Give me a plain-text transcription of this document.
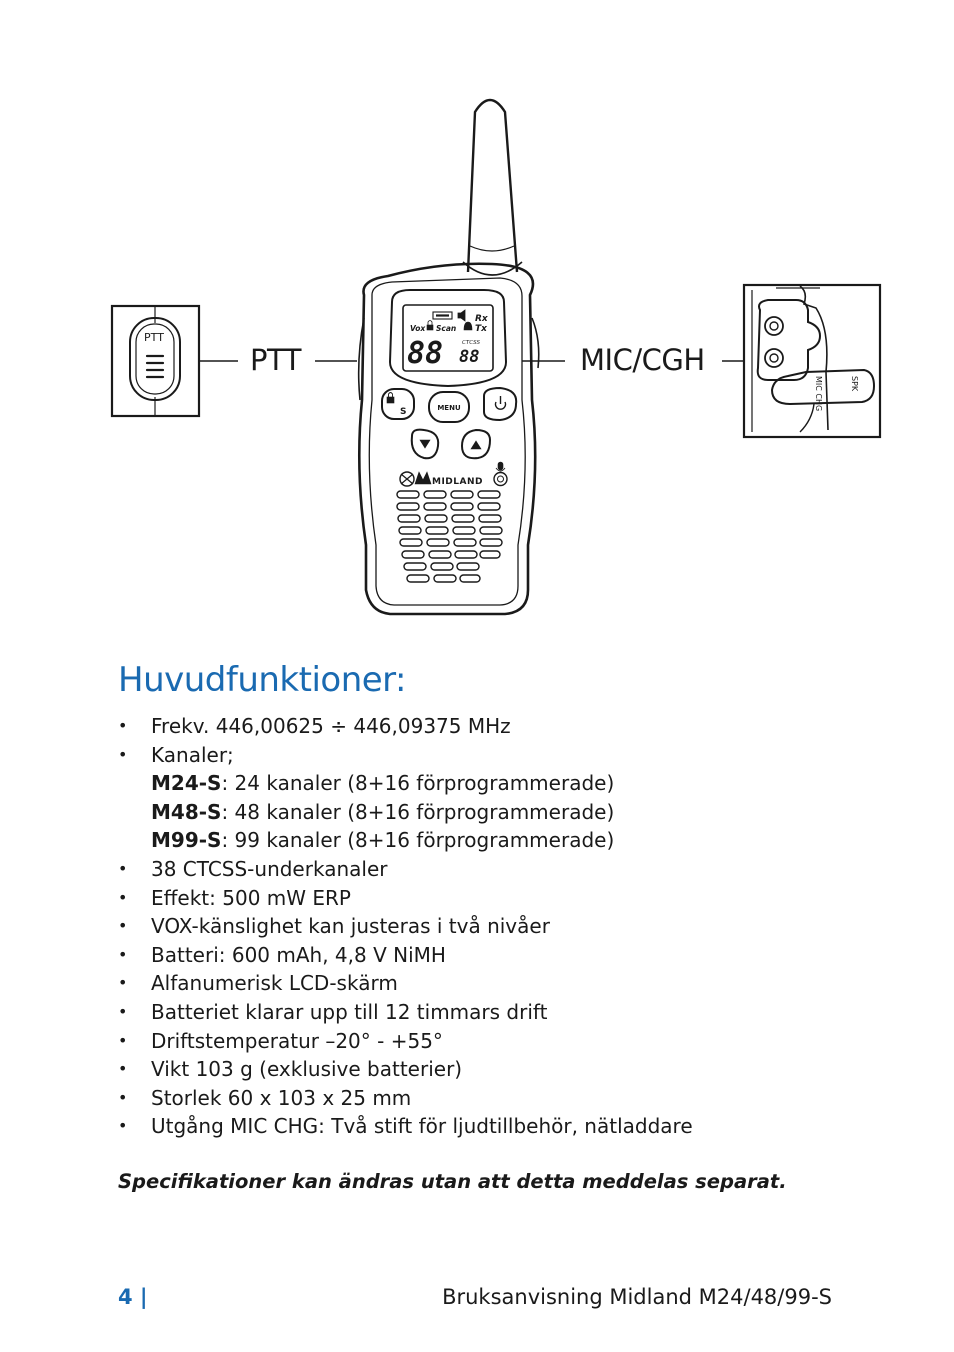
PTT
Rx
Vox Scan Tx
88	CTCSS
88
S	MENU
MIDLAND
MIC CHG	SPK
PTT	MIC/CGH
Huvudfunktioner:
• Frekv. 446,00625 ÷ 446,09375 MHz
• Kanaler;
M24-S: 24 kanaler (8+16 förprogrammerade)
M48-S: 48 kanaler (8+16 förprogrammerade)
M99-S: 99 kanaler (8+16 förprogrammerade)
• 38 CTCSS-underkanaler
• Effekt: 500 mW ERP
• VOX-känslighet kan justeras i två nivåer
• Batteri: 600 mAh, 4,8 V NiMH
• Alfanumerisk LCD-skärm
• Batteriet klarar upp till 12 timmars drift
• Driftstemperatur –20° - +55°
• Vikt 103 g (exklusive batterier)
• Storlek 60 x 103 x 25 mm
• Utgång MIC CHG: Två stift för ljudtillbehör, nätladdare

Specifikationer kan ändras utan att detta meddelas separat.

4 |	Bruksanvisning Midland M24/48/99-S
